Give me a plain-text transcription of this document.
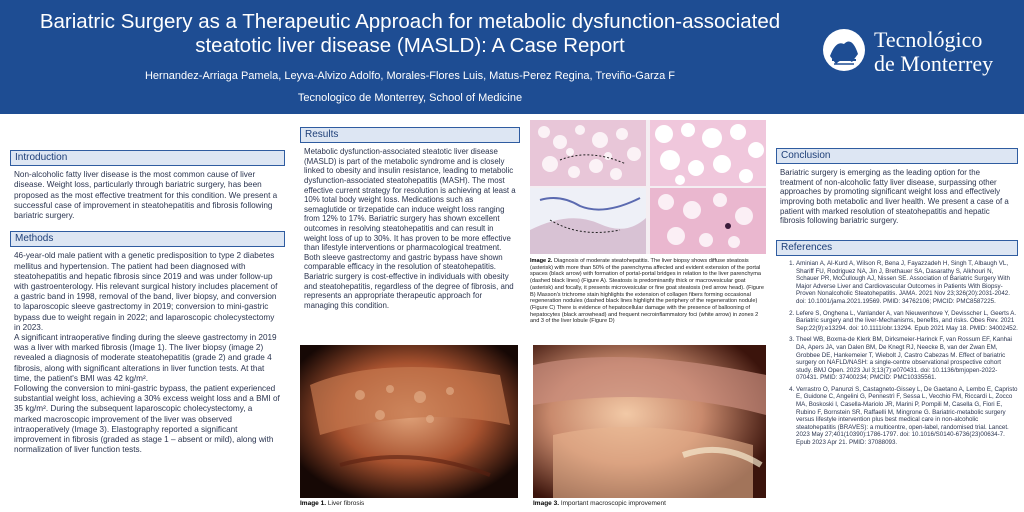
Bariatric Surgery as a Therapeutic Approach for metabolic dysfunction-associated steatotic liver disease (MASLD): A Case Report
Hernandez-Arriaga Pamela, Leyva-Alvizo Adolfo, Morales-Flores Luis, Matus-Perez Regina, Treviño-Garza F
Tecnologico de Monterrey, School of Medicine
Tecnológico
de Monterrey
Introduction
Non-alcoholic fatty liver disease is the most common cause of liver disease. Weight loss, particularly through bariatric surgery, has been proposed as the most effective treatment for this condition. We present a successful case of improvement in steatohepatitis and fibrosis following bariatric surgery.
Methods

46-year-old male patient with a genetic predisposition to type 2 diabetes mellitus and hypertension. The patient had been diagnosed with steatohepatitis and hepatic fibrosis since 2019 and was under follow-up with gastroenterology. His relevant surgical history includes placement of a gastric band in 1998, removal of the band, liver biopsy, and conversion to laparoscopic sleeve gastrectomy in 2019; conversion to mini-gastric bypass due to weight regain in 2022; and laparoscopic cholecystectomy in 2023.

A significant intraoperative finding during the sleeve gastrectomy in 2019 was a liver with marked fibrosis (Image 1). The liver biopsy (image 2) revealed a diagnosis of moderate steatohepatitis (grade 2) and grade 4 fibrosis, along with significant alterations in liver function tests. At that time, the patient's BMI was 42 kg/m².

Following the conversion to mini-gastric bypass, the patient experienced substantial weight loss, achieving a 30% excess weight loss and a BMI of 35 kg/m². During the subsequent laparoscopic cholecystectomy, a marked macroscopic improvement of the liver was observed intraoperatively (Image 3). Elastography reported a significant improvement in fibrosis (graded as stage 1 – absent or mild), along with normalization of liver function tests.

Results
Metabolic dysfunction-associated steatotic liver disease (MASLD) is part of the metabolic syndrome and is closely linked to obesity and insulin resistance, leading to metabolic dysfunction-associated steatohepatitis (MASH). The most effective current strategy for resolution is achieving at least a 10% total body weight loss. Medications such as semaglutide or tirzepatide can induce weight loss ranging from 12% to 17%. Bariatric surgery has shown excellent outcomes in resolving steatohepatitis and can result in weight loss of up to 30%. It has proven to be more effective than lifestyle interventions or pharmacological treatment. Both sleeve gastrectomy and gastric bypass have shown comparable efficacy in the resolution of steatohepatitis. Bariatric surgery is cost-effective in individuals with obesity and steatohepatitis, regardless of the degree of fibrosis, and represents an appropriate therapeutic approach for managing this condition.
Image 2. Diagnosis of moderate steatohepatitis. The liver biopsy shows diffuse steatosis (asterisk) with more than 50% of the parenchyma affected and evident extension of the portal spaces (black arrow) with formation of portal-portal bridges in relation to the liver parenchyma (dashed black lines) (Figure A). Steatosis is predominantly thick or macrovesicular goat (asterisk) and focally, it presents microvesicular or fine goat steatosis (red arrow head). (Figure B) Masson's trichrome stain highlights the extension of collagen fibers forming occasional regeneration nodules (dashed black lines highlight the periphery of the regeneration nodule) (Figure C) There is evidence of hepatocellular damage with the presence of ballooning of hepatocytes (black arrowhead) and frequent necroinflammatory foci (white arrow) in zones 2 and 3 of the liver lobule (Figure D)
Image 1. Liver fibrosis	Image 3. Important macroscopic improvement
Conclusion
Bariatric surgery is emerging as the leading option for the treatment of non-alcoholic fatty liver disease, surpassing other approaches by promoting significant weight loss and effectively improving both metabolic and liver health. We present a case of a patient with marked resolution of steatohepatitis and hepatic fibrosis following bariatric surgery.
References
1. Aminian A, Al-Kurd A, Wilson R, Bena J, Fayazzadeh H, Singh T, Albaugh VL, Shariff FU, Rodriguez NA, Jin J, Brethauer SA, Dasarathy S, Alkhouri N, Schauer PR, McCullough AJ, Nissen SE. Association of Bariatric Surgery With Major Adverse Liver and Cardiovascular Outcomes in Patients With Biopsy-Proven Nonalcoholic Steatohepatitis. JAMA. 2021 Nov 23;326(20):2031-2042. doi: 10.1001/jama.2021.19569. PMID: 34762106; PMCID: PMC8587225.
2. Lefere S, Onghena L, Vanlander A, van Nieuwenhove Y, Devisscher L, Geerts A. Bariatric surgery and the liver-Mechanisms, benefits, and risks. Obes Rev. 2021 Sep;22(9):e13294. doi: 10.1111/obr.13294. Epub 2021 May 18. PMID: 34002452.
3. Theel WB, Boxma-de Klerk BM, Dirksmeier-Harinck F, van Rossum EF, Kanhai DA, Apers JA, van Dalen BM, De Knegt RJ, Neecke B, van der Zwan EM, Grobbee DE, Hankemeier T, Wiebolt J, Castro Cabezas M. Effect of bariatric surgery on NAFLD/NASH: a single-centre observational prospective cohort study. BMJ Open. 2023 Jul 3;13(7):e070431. doi: 10.1136/bmjopen-2022-070431. PMID: 37400234; PMCID: PMC10335561.
4. Verrastro O, Panunzi S, Castagneto-Gissey L, De Gaetano A, Lembo E, Capristo E, Guidone C, Angelini G, Pennestrì F, Sessa L, Vecchio FM, Riccardi L, Zocco MA, Boskoski I, Casella-Mariolo JR, Marini P, Pompili M, Casella G, Fiori E, Rubino F, Bornstein SR, Raffaelli M, Mingrone G. Bariatric-metabolic surgery versus lifestyle intervention plus best medical care in non-alcoholic steatohepatitis (BRAVES): a multicentre, open-label, randomised trial. Lancet. 2023 May 27;401(10390):1786-1797. doi: 10.1016/S0140-6736(23)00634-7. Epub 2023 Apr 21. PMID: 37088093.
